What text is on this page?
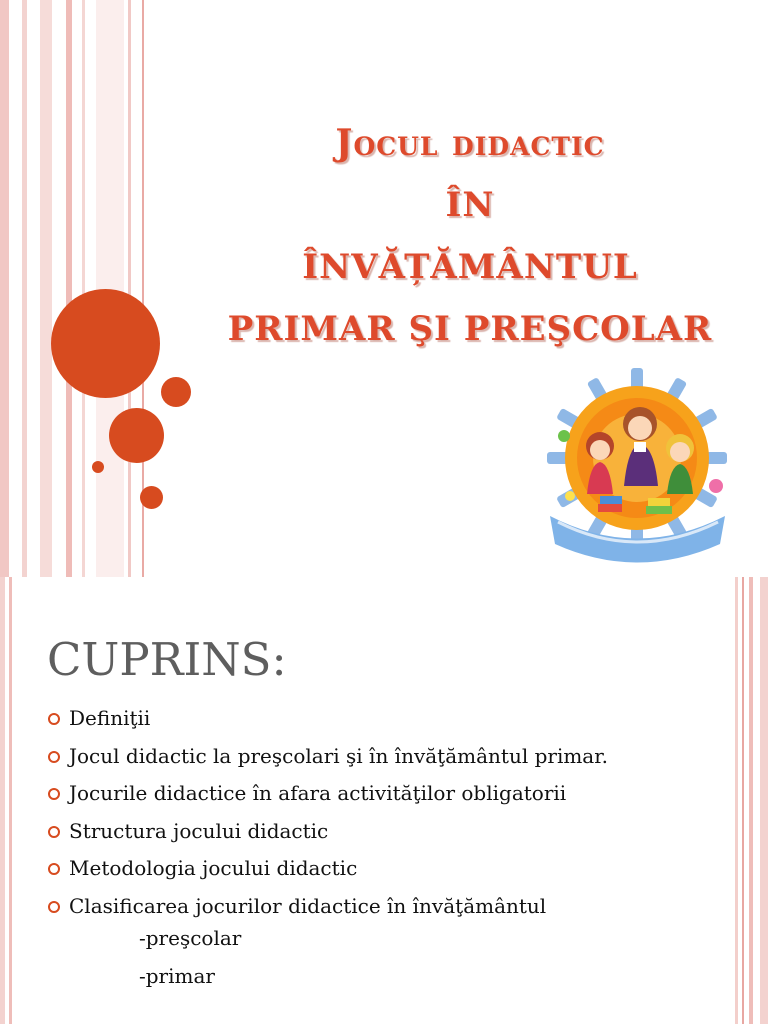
Jocul didactic
ÎN
ÎNVĂȚĂMÂNTUL
PRIMAR ŞI PREŞCOLAR
CUPRINS:
Definiţii
Jocul didactic la preşcolari şi în învăţământul primar.
Jocurile didactice în afara activităţilor obligatorii
Structura jocului didactic
Metodologia jocului didactic
Clasificarea jocurilor didactice în învăţământul
-preşcolar
-primar
